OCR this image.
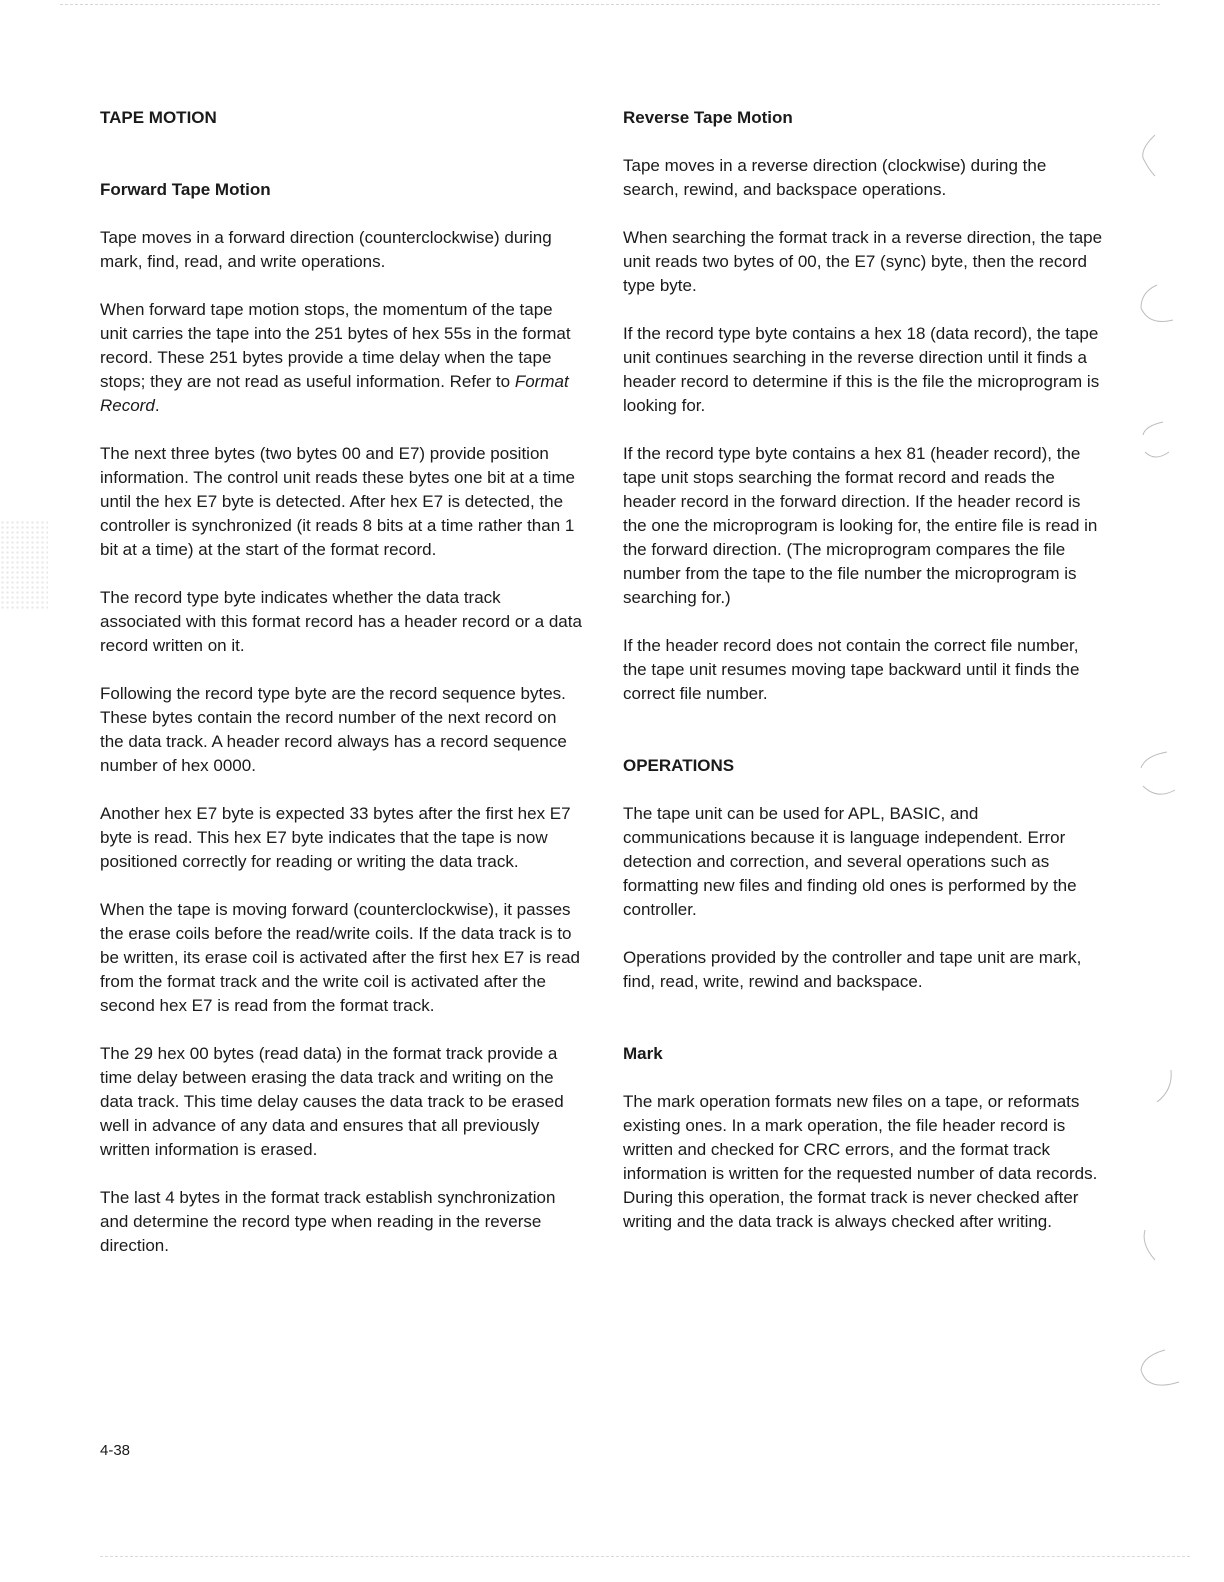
TAPE MOTION
Forward Tape Motion

Tape moves in a forward direction (counterclockwise) during mark, find, read, and write operations.

When forward tape motion stops, the momentum of the tape unit carries the tape into the 251 bytes of hex 55s in the format record. These 251 bytes provide a time delay when the tape stops; they are not read as useful information. Refer to Format Record.

The next three bytes (two bytes 00 and E7) provide position information. The control unit reads these bytes one bit at a time until the hex E7 byte is detected. After hex E7 is detected, the controller is synchronized (it reads 8 bits at a time rather than 1 bit at a time) at the start of the format record.

The record type byte indicates whether the data track associated with this format record has a header record or a data record written on it.

Following the record type byte are the record sequence bytes. These bytes contain the record number of the next record on the data track. A header record always has a record sequence number of hex 0000.

Another hex E7 byte is expected 33 bytes after the first hex E7 byte is read. This hex E7 byte indicates that the tape is now positioned correctly for reading or writing the data track.

When the tape is moving forward (counterclockwise), it passes the erase coils before the read/write coils. If the data track is to be written, its erase coil is activated after the first hex E7 is read from the format track and the write coil is activated after the second hex E7 is read from the format track.

The 29 hex 00 bytes (read data) in the format track provide a time delay between erasing the data track and writing on the data track. This time delay causes the data track to be erased well in advance of any data and ensures that all previously written information is erased.

The last 4 bytes in the format track establish synchronization and determine the record type when reading in the reverse direction.

Reverse Tape Motion

Tape moves in a reverse direction (clockwise) during the search, rewind, and backspace operations.

When searching the format track in a reverse direction, the tape unit reads two bytes of 00, the E7 (sync) byte, then the record type byte.

If the record type byte contains a hex 18 (data record), the tape unit continues searching in the reverse direction until it finds a header record to determine if this is the file the microprogram is looking for.

If the record type byte contains a hex 81 (header record), the tape unit stops searching the format record and reads the header record in the forward direction. If the header record is the one the microprogram is looking for, the entire file is read in the forward direction. (The microprogram compares the file number from the tape to the file number the microprogram is searching for.)

If the header record does not contain the correct file number, the tape unit resumes moving tape backward until it finds the correct file number.

OPERATIONS

The tape unit can be used for APL, BASIC, and communications because it is language independent. Error detection and correction, and several operations such as formatting new files and finding old ones is performed by the controller.

Operations provided by the controller and tape unit are mark, find, read, write, rewind and backspace.

Mark

The mark operation formats new files on a tape, or reformats existing ones. In a mark operation, the file header record is written and checked for CRC errors, and the format track information is written for the requested number of data records. During this operation, the format track is never checked after writing and the data track is always checked after writing.

4-38
